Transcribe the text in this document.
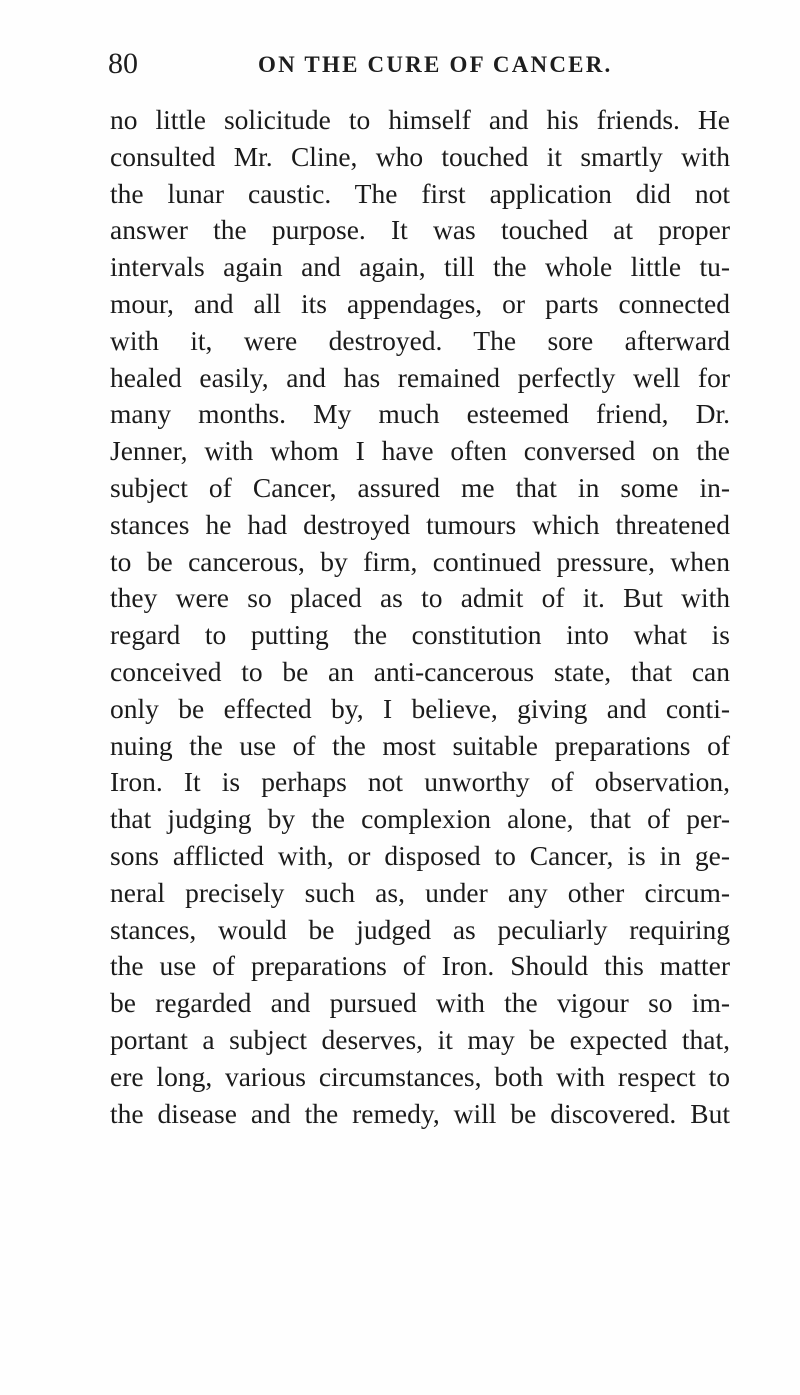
80	ON THE CURE OF CANCER.
no little solicitude to himself and his friends. He
consulted Mr. Cline, who touched it smartly with
the lunar caustic. The first application did not
answer the purpose. It was touched at proper
intervals again and again, till the whole little tu-
mour, and all its appendages, or parts connected
with it, were destroyed. The sore afterward
healed easily, and has remained perfectly well for
many months. My much esteemed friend, Dr.
Jenner, with whom I have often conversed on the
subject of Cancer, assured me that in some in-
stances he had destroyed tumours which threatened
to be cancerous, by firm, continued pressure, when
they were so placed as to admit of it. But with
regard to putting the constitution into what is
conceived to be an anti-cancerous state, that can
only be effected by, I believe, giving and conti-
nuing the use of the most suitable preparations of
Iron. It is perhaps not unworthy of observation,
that judging by the complexion alone, that of per-
sons afflicted with, or disposed to Cancer, is in ge-
neral precisely such as, under any other circum-
stances, would be judged as peculiarly requiring
the use of preparations of Iron. Should this matter
be regarded and pursued with the vigour so im-
portant a subject deserves, it may be expected that,
ere long, various circumstances, both with respect to
the disease and the remedy, will be discovered. But
